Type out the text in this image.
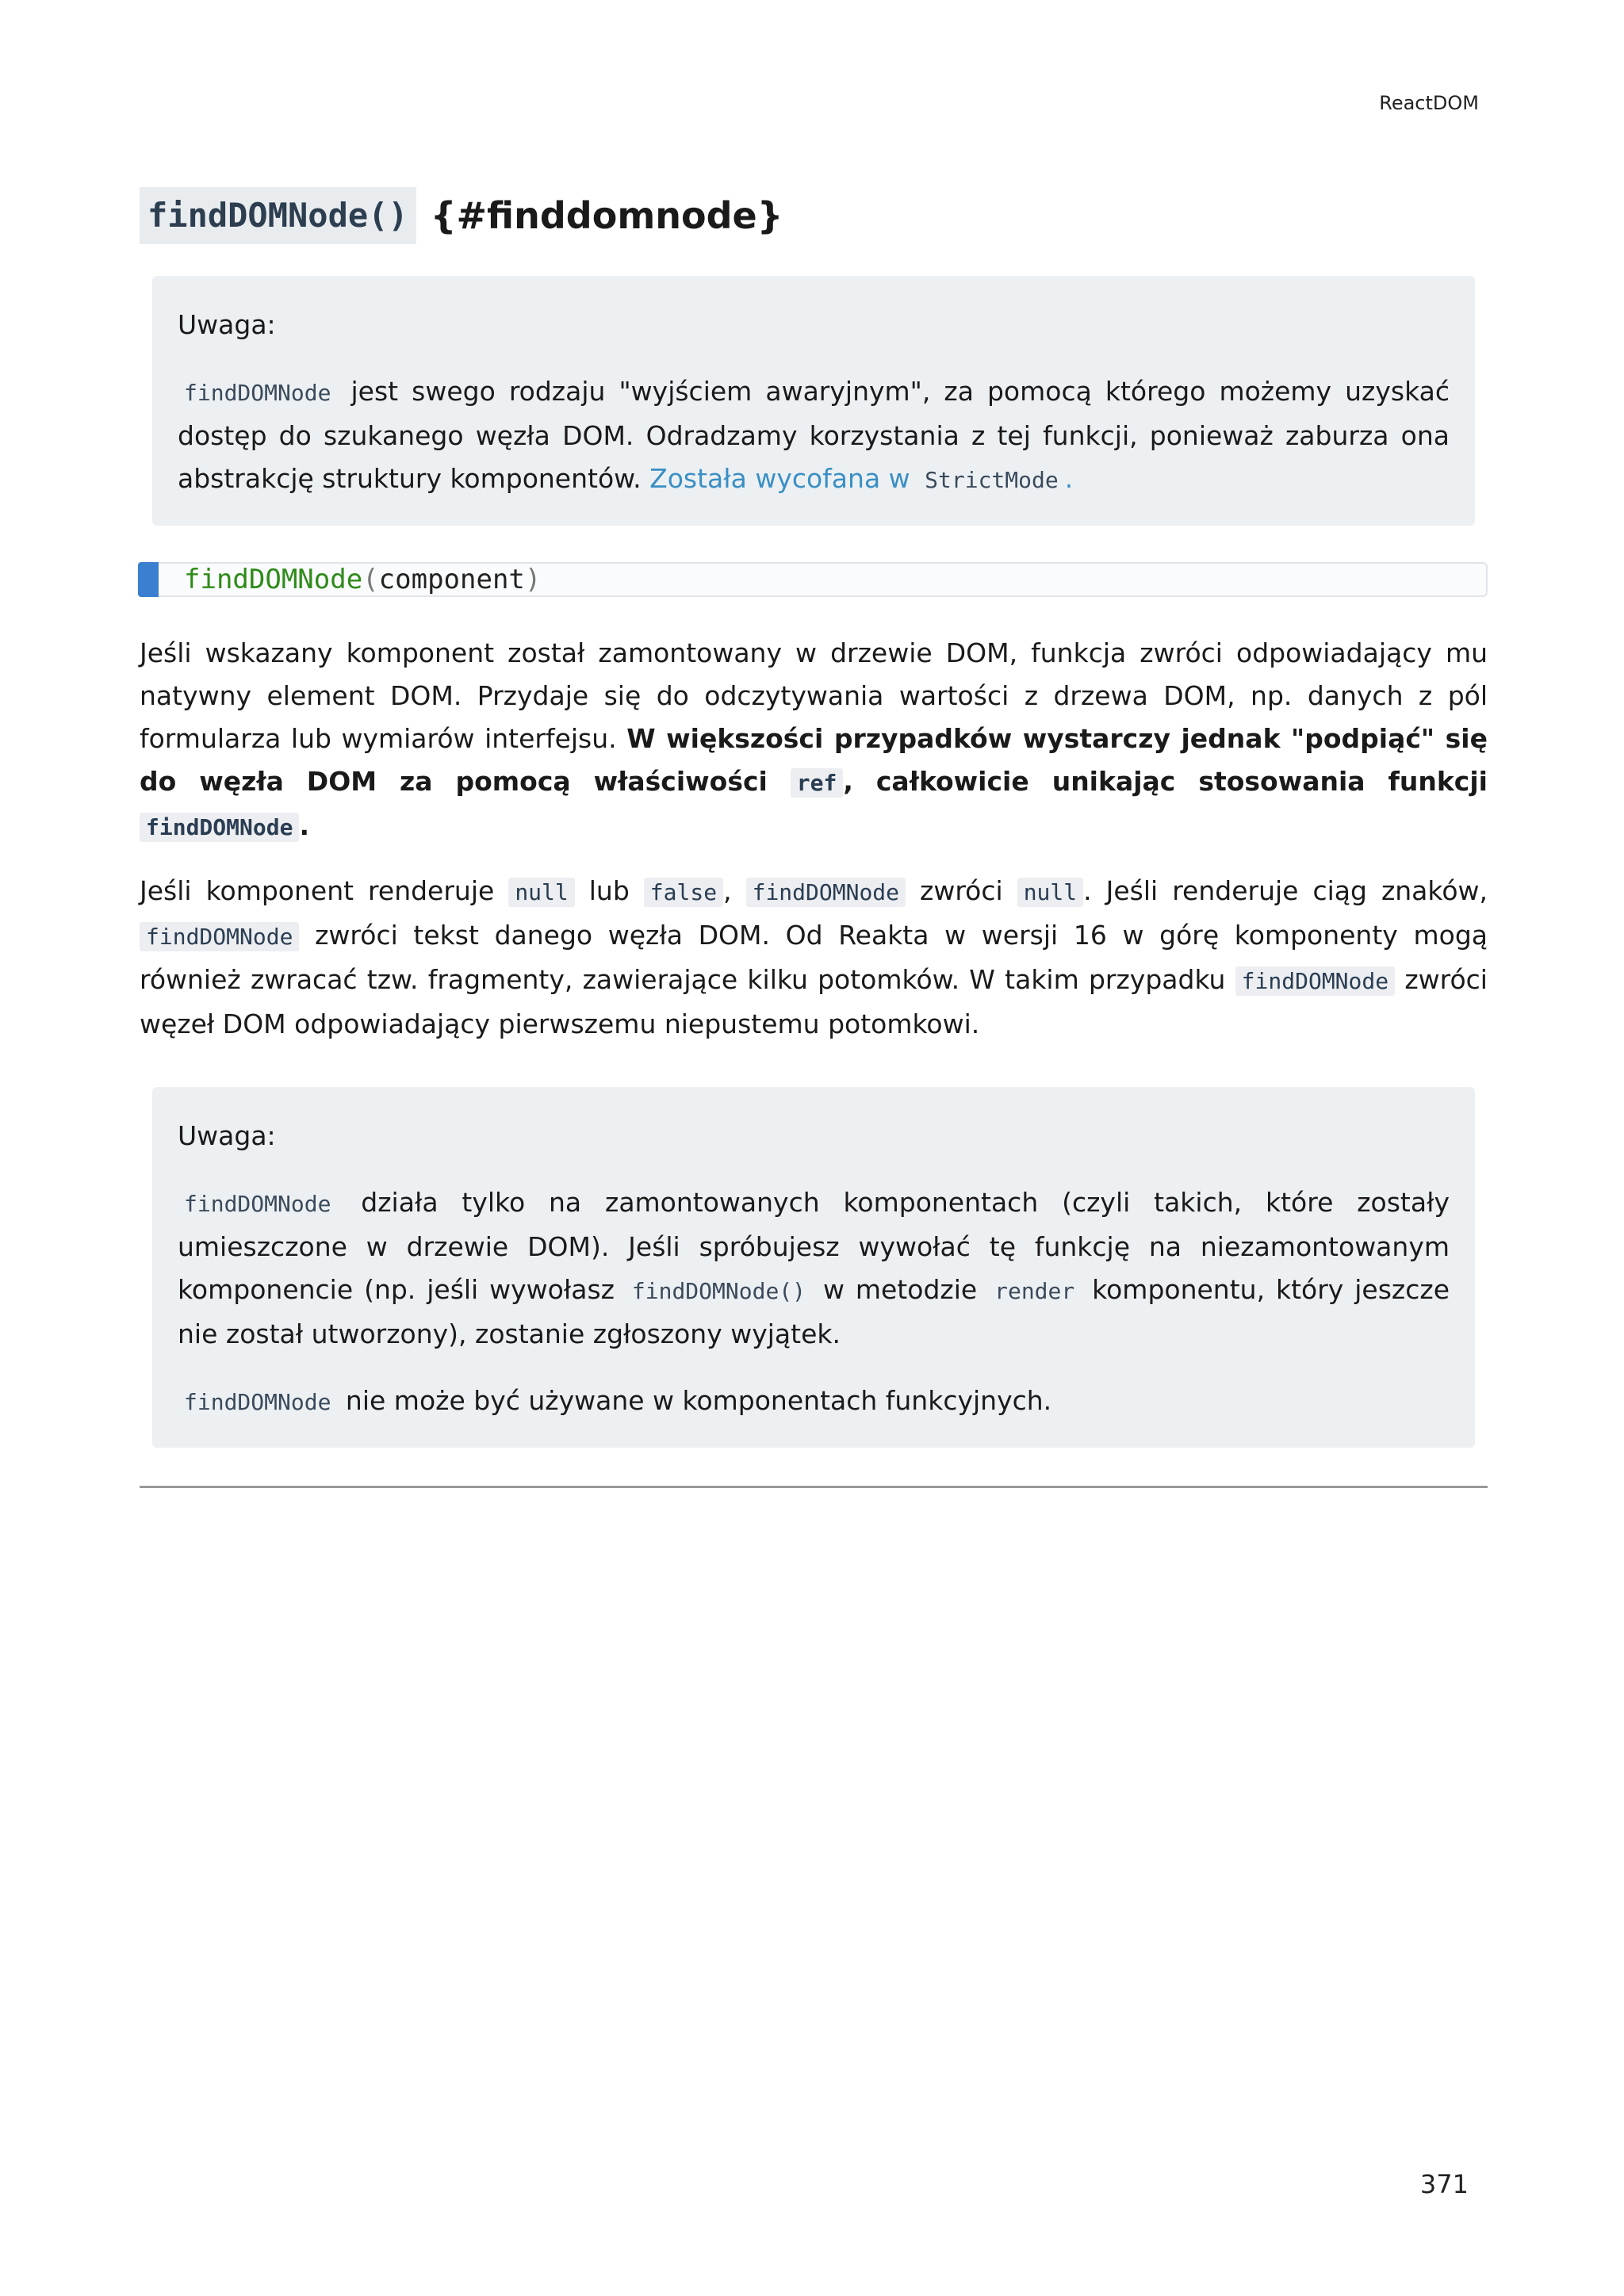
ReactDOM
findDOMNode() {#finddomnode}
Uwaga:

findDOMNode jest swego rodzaju "wyjściem awaryjnym", za pomocą którego możemy uzyskać dostęp do szukanego węzła DOM. Odradzamy korzystania z tej funkcji, ponieważ zaburza ona abstrakcję struktury komponentów. Została wycofana w StrictMode .

findDOMNode(component)

Jeśli wskazany komponent został zamontowany w drzewie DOM, funkcja zwróci odpowiadający mu natywny element DOM. Przydaje się do odczytywania wartości z drzewa DOM, np. danych z pól formularza lub wymiarów interfejsu. W większości przypadków wystarczy jednak "podpiąć" się do węzła DOM za pomocą właściwości ref , całkowicie unikając stosowania funkcji findDOMNode .

Jeśli komponent renderuje null lub false , findDOMNode zwróci null . Jeśli renderuje ciąg znaków, findDOMNode zwróci tekst danego węzła DOM. Od Reakta w wersji 16 w górę komponenty mogą również zwracać tzw. fragmenty, zawierające kilku potomków. W takim przypadku findDOMNode zwróci węzeł DOM odpowiadający pierwszemu niepustemu potomkowi.

Uwaga:

findDOMNode działa tylko na zamontowanych komponentach (czyli takich, które zostały umieszczone w drzewie DOM). Jeśli spróbujesz wywołać tę funkcję na niezamontowanym komponencie (np. jeśli wywołasz findDOMNode() w metodzie render komponentu, który jeszcze nie został utworzony), zostanie zgłoszony wyjątek.

findDOMNode nie może być używane w komponentach funkcyjnych.

371
